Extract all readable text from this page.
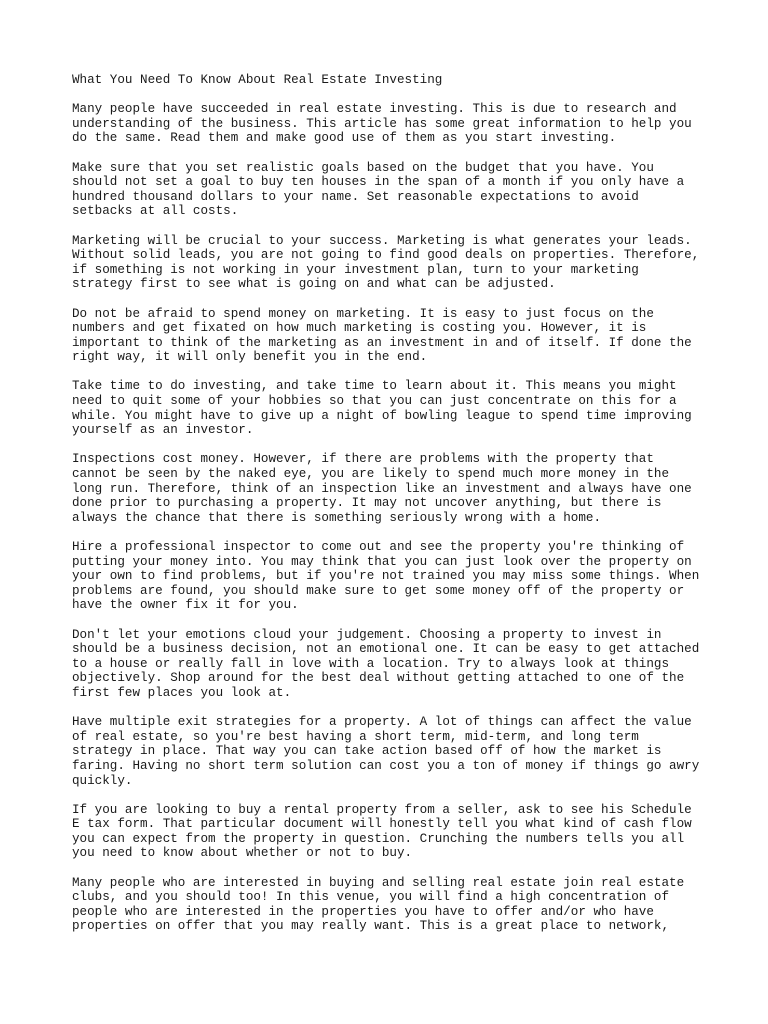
What You Need To Know About Real Estate Investing
Many people have succeeded in real estate investing. This is due to research and
understanding of the business. This article has some great information to help you
do the same. Read them and make good use of them as you start investing.
Make sure that you set realistic goals based on the budget that you have. You
should not set a goal to buy ten houses in the span of a month if you only have a
hundred thousand dollars to your name. Set reasonable expectations to avoid
setbacks at all costs.
Marketing will be crucial to your success. Marketing is what generates your leads.
Without solid leads, you are not going to find good deals on properties. Therefore,
if something is not working in your investment plan, turn to your marketing
strategy first to see what is going on and what can be adjusted.
Do not be afraid to spend money on marketing. It is easy to just focus on the
numbers and get fixated on how much marketing is costing you. However, it is
important to think of the marketing as an investment in and of itself. If done the
right way, it will only benefit you in the end.
Take time to do investing, and take time to learn about it. This means you might
need to quit some of your hobbies so that you can just concentrate on this for a
while. You might have to give up a night of bowling league to spend time improving
yourself as an investor.
Inspections cost money. However, if there are problems with the property that
cannot be seen by the naked eye, you are likely to spend much more money in the
long run. Therefore, think of an inspection like an investment and always have one
done prior to purchasing a property. It may not uncover anything, but there is
always the chance that there is something seriously wrong with a home.
Hire a professional inspector to come out and see the property you're thinking of
putting your money into. You may think that you can just look over the property on
your own to find problems, but if you're not trained you may miss some things. When
problems are found, you should make sure to get some money off of the property or
have the owner fix it for you.
Don't let your emotions cloud your judgement. Choosing a property to invest in
should be a business decision, not an emotional one. It can be easy to get attached
to a house or really fall in love with a location. Try to always look at things
objectively. Shop around for the best deal without getting attached to one of the
first few places you look at.
Have multiple exit strategies for a property. A lot of things can affect the value
of real estate, so you're best having a short term, mid-term, and long term
strategy in place. That way you can take action based off of how the market is
faring. Having no short term solution can cost you a ton of money if things go awry
quickly.
If you are looking to buy a rental property from a seller, ask to see his Schedule
E tax form. That particular document will honestly tell you what kind of cash flow
you can expect from the property in question. Crunching the numbers tells you all
you need to know about whether or not to buy.
Many people who are interested in buying and selling real estate join real estate
clubs, and you should too! In this venue, you will find a high concentration of
people who are interested in the properties you have to offer and/or who have
properties on offer that you may really want. This is a great place to network,
